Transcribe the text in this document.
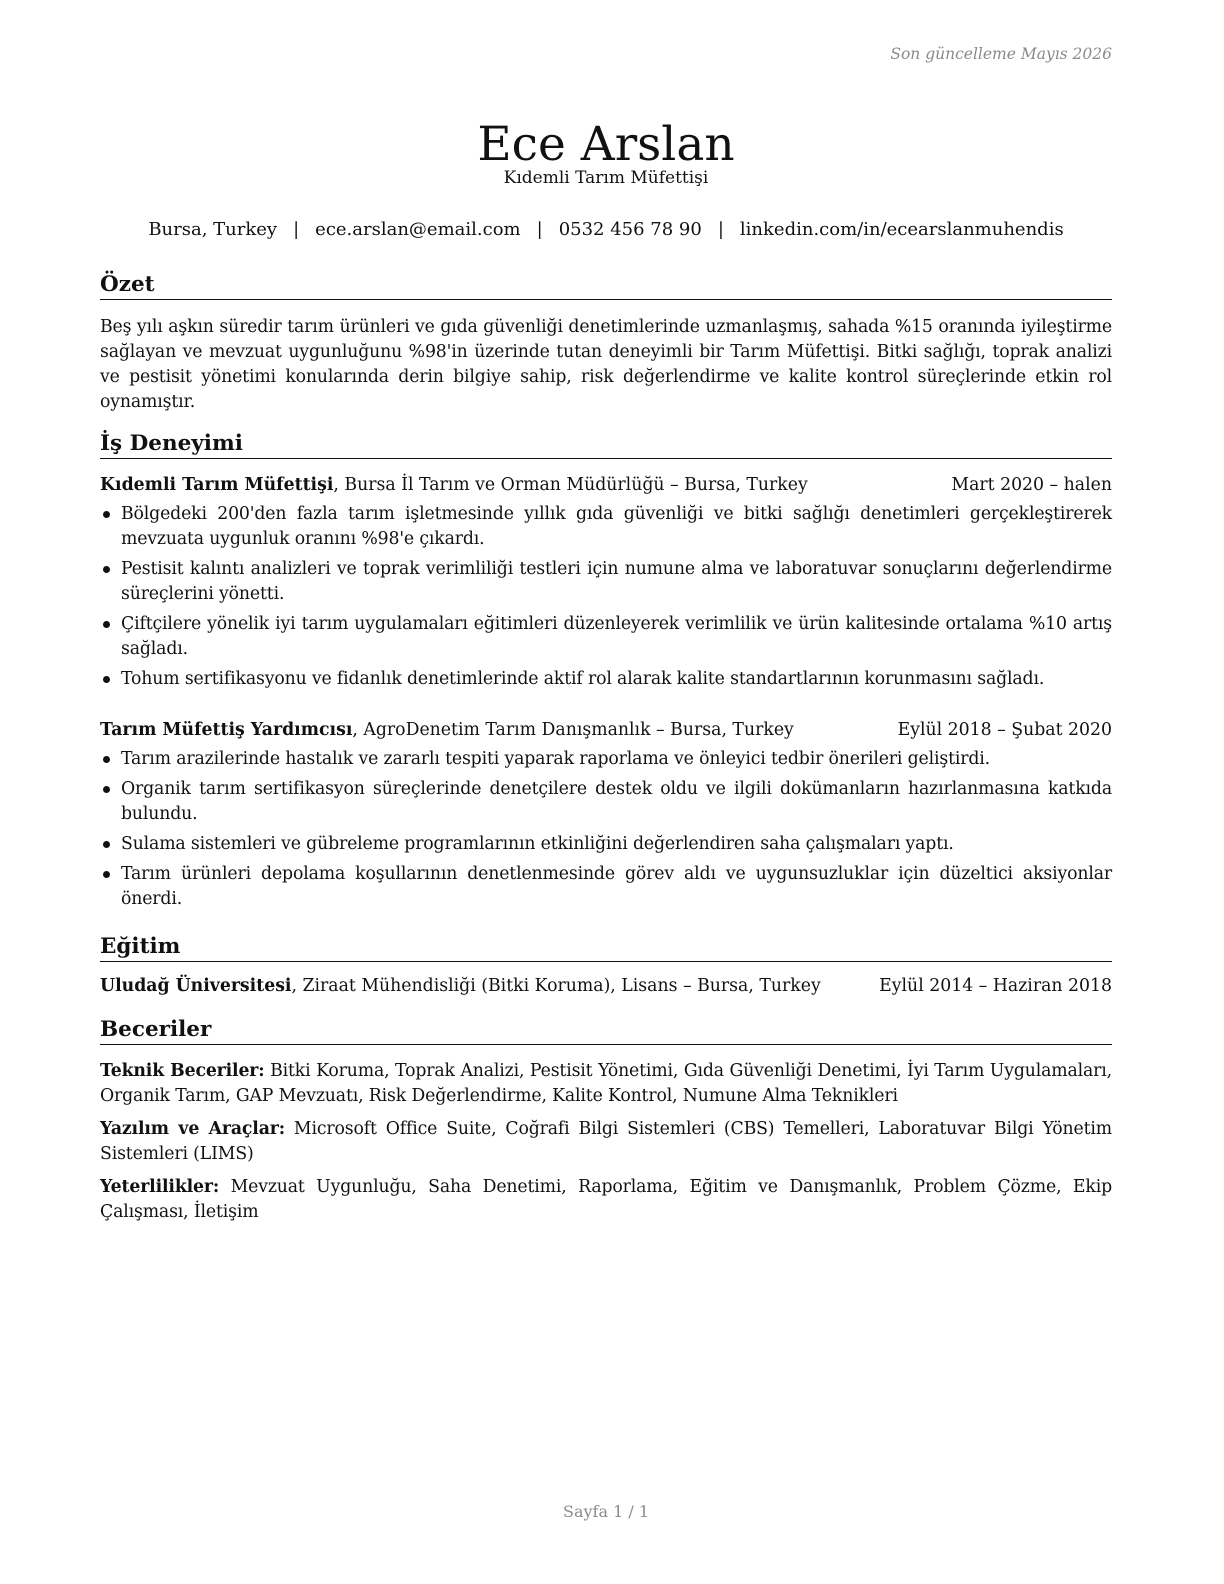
Son güncelleme Mayıs 2026
Ece Arslan
Kıdemli Tarım Müfettişi
Bursa, Turkey | ece.arslan@email.com | 0532 456 78 90 | linkedin.com/in/ecearslanmuhendis
Özet

Beş yılı aşkın süredir tarım ürünleri ve gıda güvenliği denetimlerinde uzmanlaşmış, sahada %15 oranında iyileştirme sağlayan ve mevzuat uygunluğunu %98'in üzerinde tutan deneyimli bir Tarım Müfettişi. Bitki sağlığı, toprak analizi ve pestisit yönetimi konularında derin bilgiye sahip, risk değerlendirme ve kalite kontrol süreçlerinde etkin rol oynamıştır.

İş Deneyimi
Kıdemli Tarım Müfettişi, Bursa İl Tarım ve Orman Müdürlüğü – Bursa, Turkey	Mart 2020 – halen
Bölgedeki 200'den fazla tarım işletmesinde yıllık gıda güvenliği ve bitki sağlığı denetimleri gerçekleştirerek mevzuata uygunluk oranını %98'e çıkardı.
Pestisit kalıntı analizleri ve toprak verimliliği testleri için numune alma ve laboratuvar sonuçlarını değerlendirme süreçlerini yönetti.
Çiftçilere yönelik iyi tarım uygulamaları eğitimleri düzenleyerek verimlilik ve ürün kalitesinde ortalama %10 artış sağladı.
Tohum sertifikasyonu ve fidanlık denetimlerinde aktif rol alarak kalite standartlarının korunmasını sağladı.
Tarım Müfettiş Yardımcısı, AgroDenetim Tarım Danışmanlık – Bursa, Turkey	Eylül 2018 – Şubat 2020
Tarım arazilerinde hastalık ve zararlı tespiti yaparak raporlama ve önleyici tedbir önerileri geliştirdi.
Organik tarım sertifikasyon süreçlerinde denetçilere destek oldu ve ilgili dokümanların hazırlanmasına katkıda bulundu.
Sulama sistemleri ve gübreleme programlarının etkinliğini değerlendiren saha çalışmaları yaptı.
Tarım ürünleri depolama koşullarının denetlenmesinde görev aldı ve uygunsuzluklar için düzeltici aksiyonlar önerdi.
Eğitim
Uludağ Üniversitesi, Ziraat Mühendisliği (Bitki Koruma), Lisans – Bursa, Turkey	Eylül 2014 – Haziran 2018
Beceriler

Teknik Beceriler: Bitki Koruma, Toprak Analizi, Pestisit Yönetimi, Gıda Güvenliği Denetimi, İyi Tarım Uygulamaları, Organik Tarım, GAP Mevzuatı, Risk Değerlendirme, Kalite Kontrol, Numune Alma Teknikleri

Yazılım ve Araçlar: Microsoft Office Suite, Coğrafi Bilgi Sistemleri (CBS) Temelleri, Laboratuvar Bilgi Yönetim Sistemleri (LIMS)

Yeterlilikler: Mevzuat Uygunluğu, Saha Denetimi, Raporlama, Eğitim ve Danışmanlık, Problem Çözme, Ekip Çalışması, İletişim

Sayfa 1 / 1
